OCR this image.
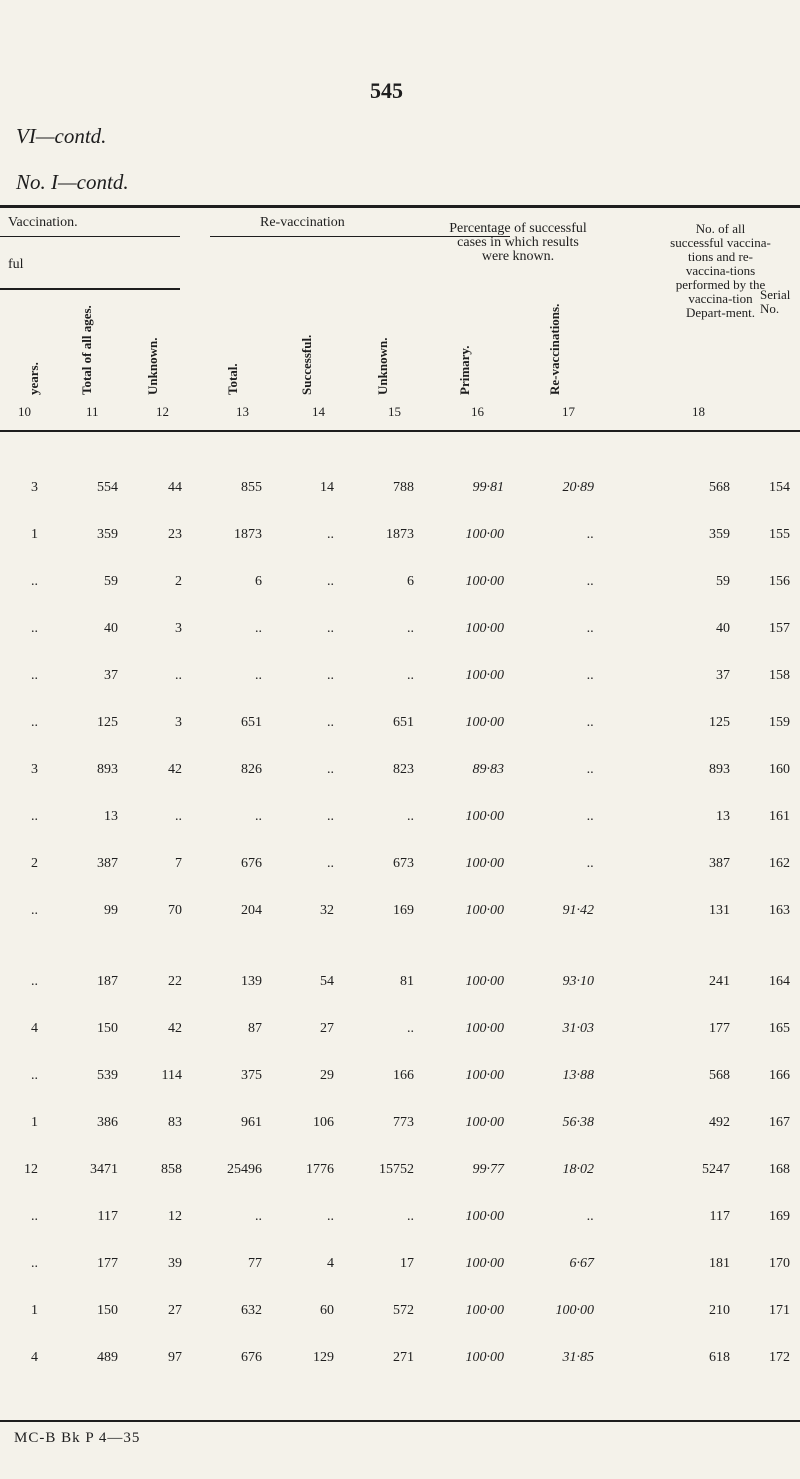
545
VI—contd.
No. I—contd.
Vaccination.
ful
Re-vaccination	Percentage of successful cases in which results were known.
No. of all successful vaccina-tions and re-vaccina-tions performed by the vaccina-tion Depart-ment.
Serial No.
years.	Total of all ages.	Unknown.	Total.	Successful.	Unknown.	Primary.	Re-vaccinations.
10	11	12	13	14	15	16	17	18
3	554	44	855	14	788	99·81	20·89	568	154
1	359	23	1873	..	1873	100·00	..	359	155
..	59	2	6	..	6	100·00	..	59	156
..	40	3	..	..	..	100·00	..	40	157
..	37	..	..	..	..	100·00	..	37	158
..	125	3	651	..	651	100·00	..	125	159
3	893	42	826	..	823	89·83	..	893	160
..	13	..	..	..	..	100·00	..	13	161
2	387	7	676	..	673	100·00	..	387	162
..	99	70	204	32	169	100·00	91·42	131	163
..	187	22	139	54	81	100·00	93·10	241	164
4	150	42	87	27	..	100·00	31·03	177	165
..	539	114	375	29	166	100·00	13·88	568	166
1	386	83	961	106	773	100·00	56·38	492	167
12	3471	858	25496	1776	15752	99·77	18·02	5247	168
..	117	12	..	..	..	100·00	..	117	169
..	177	39	77	4	17	100·00	6·67	181	170
1	150	27	632	60	572	100·00	100·00	210	171
4	489	97	676	129	271	100·00	31·85	618	172
MC-B Bk P 4—35
